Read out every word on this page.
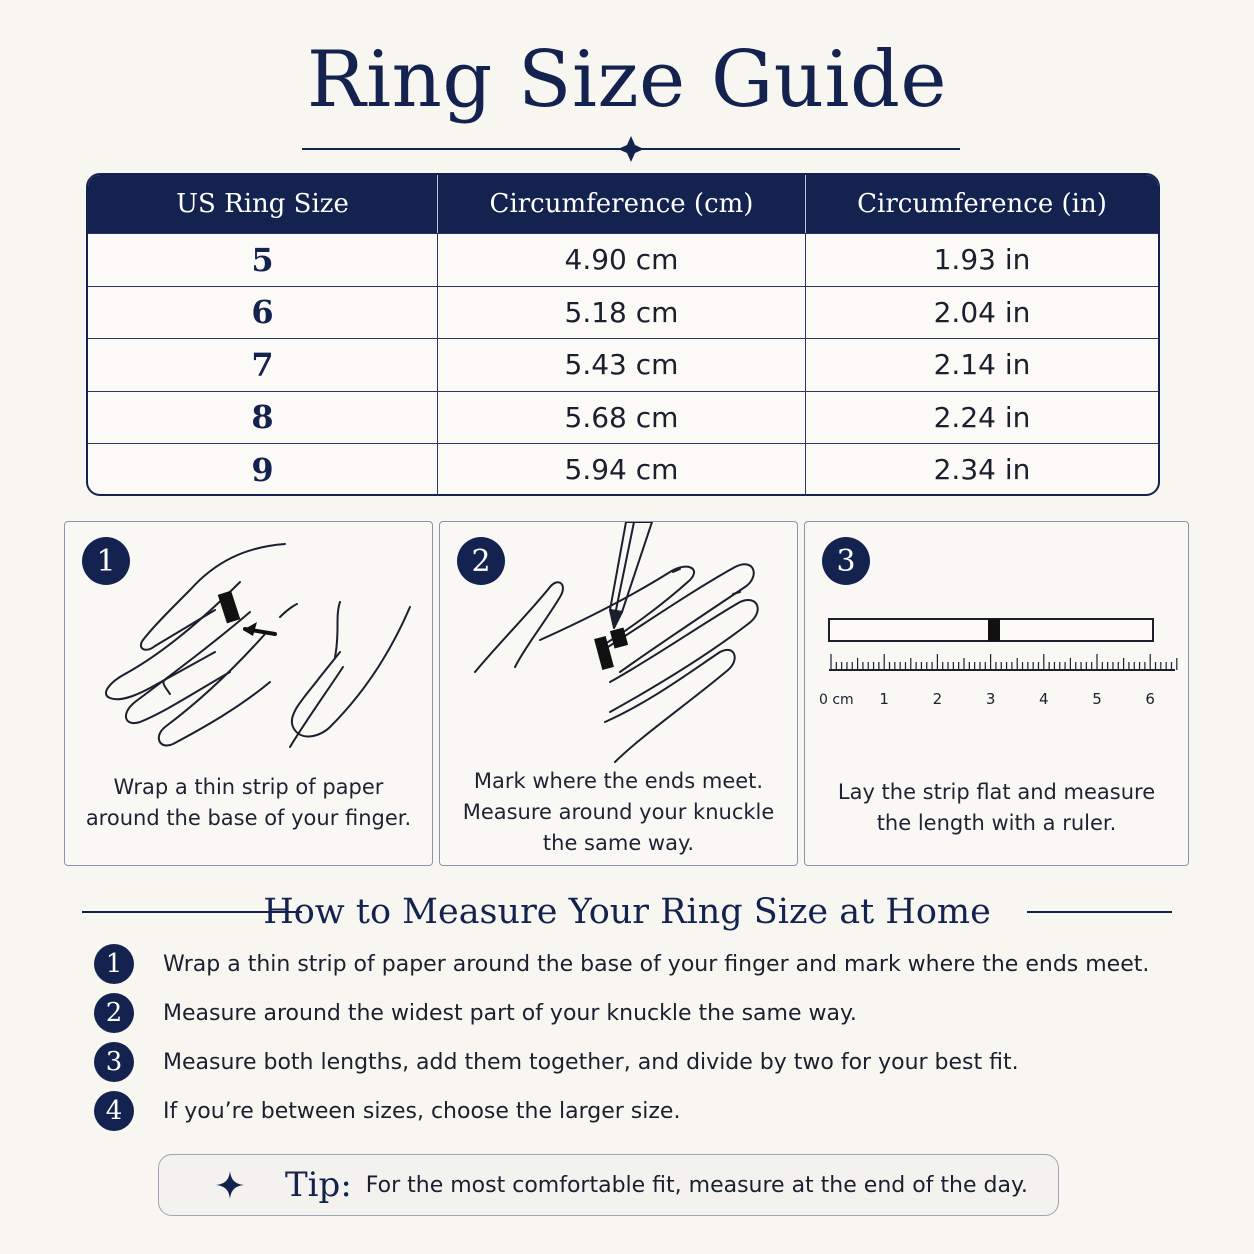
Ring Size Guide
US Ring Size	Circumference (cm)	Circumference (in)
5	4.90 cm	1.93 in
6	5.18 cm	2.04 in
7	5.43 cm	2.14 in
8	5.68 cm	2.24 in
9	5.94 cm	2.34 in
1
Wrap a thin strip of paper
around the base of your finger.
2
Mark where the ends meet.
Measure around your knuckle
the same way.
0 cm 1	2	3	4	5	6
3
Lay the strip flat and measure
the length with a ruler.
How to Measure Your Ring Size at Home
1	Wrap a thin strip of paper around the base of your finger and mark where the ends meet.
2	Measure around the widest part of your knuckle the same way.
3	Measure both lengths, add them together, and divide by two for your best fit.
4	If you’re between sizes, choose the larger size.
Tip: For the most comfortable fit, measure at the end of the day.
